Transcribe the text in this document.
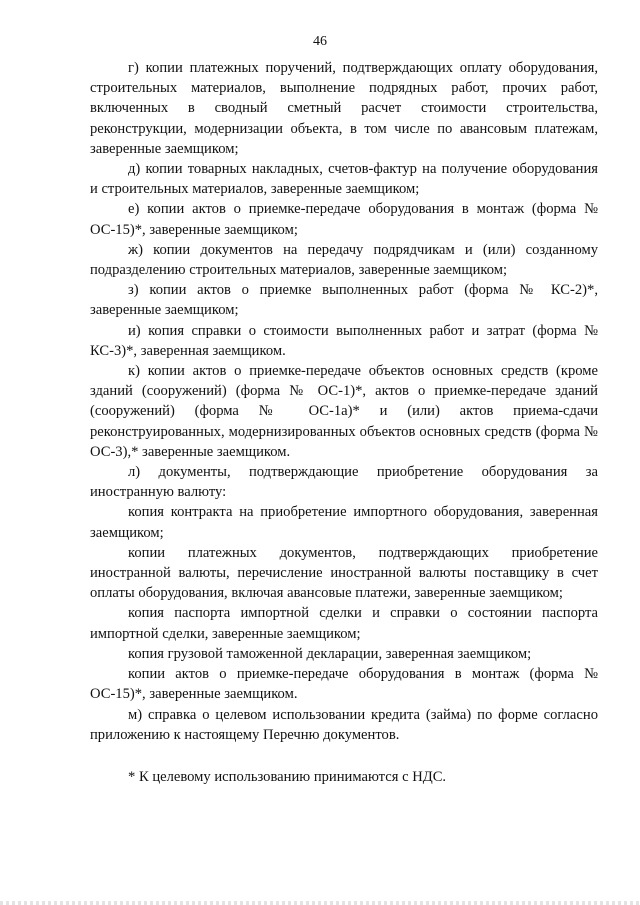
46

г) копии платежных поручений, подтверждающих оплату оборудования, строительных материалов, выполнение подрядных работ, прочих работ, включенных в сводный сметный расчет стоимости строительства, реконструкции, модернизации объекта, в том числе по авансовым платежам, заверенные заемщиком;

д) копии товарных накладных, счетов-фактур на получение оборудования и строительных материалов, заверенные заемщиком;

е) копии актов о приемке-передаче оборудования в монтаж (форма № ОС-15)*, заверенные заемщиком;

ж) копии документов на передачу подрядчикам и (или) созданному подразделению строительных материалов, заверенные заемщиком;

з) копии актов о приемке выполненных работ (форма № КС-2)*, заверенные заемщиком;

и) копия справки о стоимости выполненных работ и затрат (форма № КС-3)*, заверенная заемщиком.

к) копии актов о приемке-передаче объектов основных средств (кроме зданий (сооружений) (форма № ОС-1)*, актов о приемке-передаче зданий (сооружений) (форма № ОС-1а)* и (или) актов приема-сдачи реконструированных, модернизированных объектов основных средств (форма № ОС-3),* заверенные заемщиком.

л) документы, подтверждающие приобретение оборудования за иностранную валюту:

копия контракта на приобретение импортного оборудования, заверенная заемщиком;

копии платежных документов, подтверждающих приобретение иностранной валюты, перечисление иностранной валюты поставщику в счет оплаты оборудования, включая авансовые платежи, заверенные заемщиком;

копия паспорта импортной сделки и справки о состоянии паспорта импортной сделки, заверенные заемщиком;

копия грузовой таможенной декларации, заверенная заемщиком;

копии актов о приемке-передаче оборудования в монтаж (форма № ОС-15)*, заверенные заемщиком.

м) справка о целевом использовании кредита (займа) по форме согласно приложению к настоящему Перечню документов.

* К целевому использованию принимаются с НДС.
